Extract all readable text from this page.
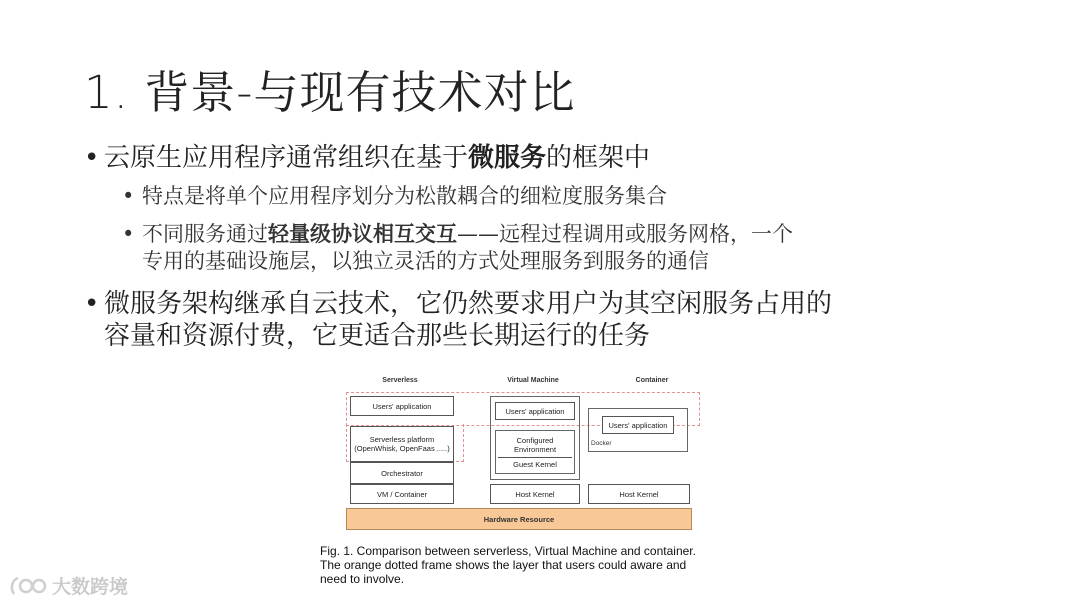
1. 背景-与现有技术对比
• 云原生应用程序通常组织在基于微服务的框架中
• 特点是将单个应用程序划分为松散耦合的细粒度服务集合
• 不同服务通过轻量级协议相互交互——远程过程调用或服务网格，一个
专用的基础设施层，以独立灵活的方式处理服务到服务的通信
• 微服务架构继承自云技术，它仍然要求用户为其空闲服务占用的
容量和资源付费，它更适合那些长期运行的任务
Serverless	Virtual Machine	Container
Users' application
Serverless platform
(OpenWhisk, OpenFaas .....)
Orchestrator
VM / Container
Users' application
Configured Environment
Guest Kernel
Host Kernel
Users' application
Docker
Host Kernel
Hardware Resource
Fig. 1. Comparison between serverless, Virtual Machine and container.
The orange dotted frame shows the layer that users could aware and
need to involve.
大数跨境
